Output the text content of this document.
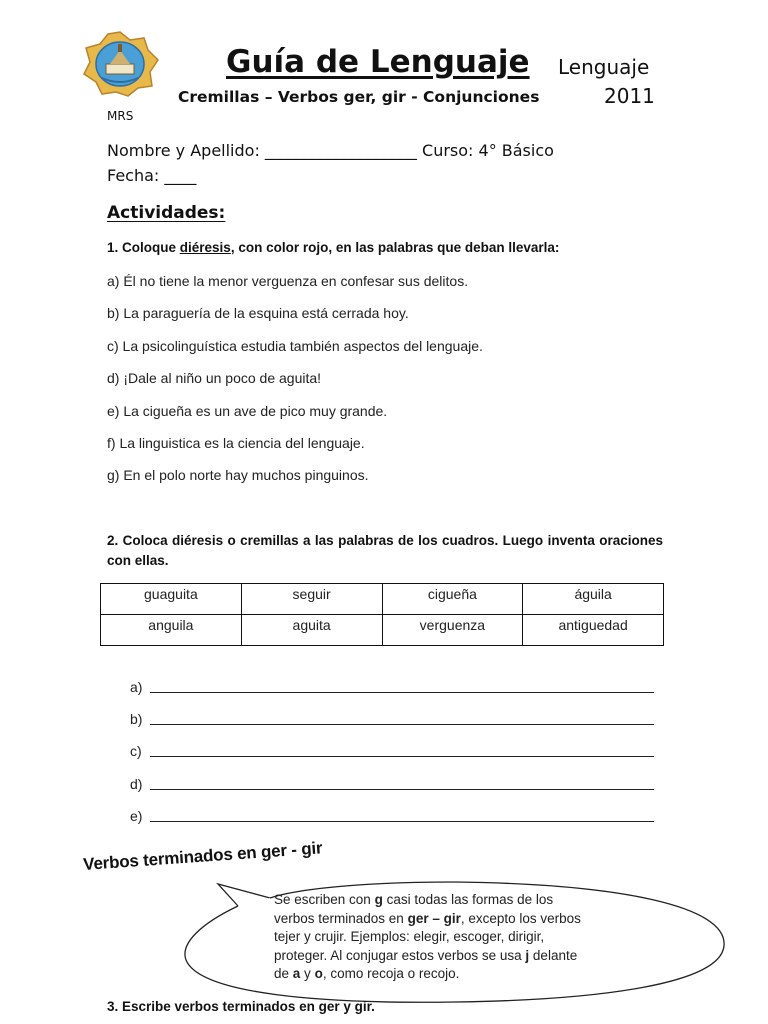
Guía de Lenguaje Lenguaje
Cremillas – Verbos ger, gir - Conjunciones	2011
MRS
Nombre y Apellido: ___________________ Curso: 4° Básico
Fecha: ____
Actividades:
1. Coloque diéresis, con color rojo, en las palabras que deban llevarla:
a) Él no tiene la menor verguenza en confesar sus delitos.
b) La paraguería de la esquina está cerrada hoy.
c) La psicolinguística estudia también aspectos del lenguaje.
d) ¡Dale al niño un poco de aguita!
e) La cigueña es un ave de pico muy grande.
f) La linguistica es la ciencia del lenguaje.
g) En el polo norte hay muchos pinguinos.
2. Coloca diéresis o cremillas a las palabras de los cuadros. Luego inventa oraciones con ellas.
guaguita	seguir	cigueña	águila
anguila	aguita	verguenza	antiguedad
a)
b)
c)
d)
e)
Verbos terminados en ger - gir
Se escriben con g casi todas las formas de los
verbos terminados en ger – gir, excepto los verbos
tejer y crujir. Ejemplos: elegir, escoger, dirigir,
proteger. Al conjugar estos verbos se usa j delante
de a y o, como recoja o recojo.
3. Escribe verbos terminados en ger y gir.
